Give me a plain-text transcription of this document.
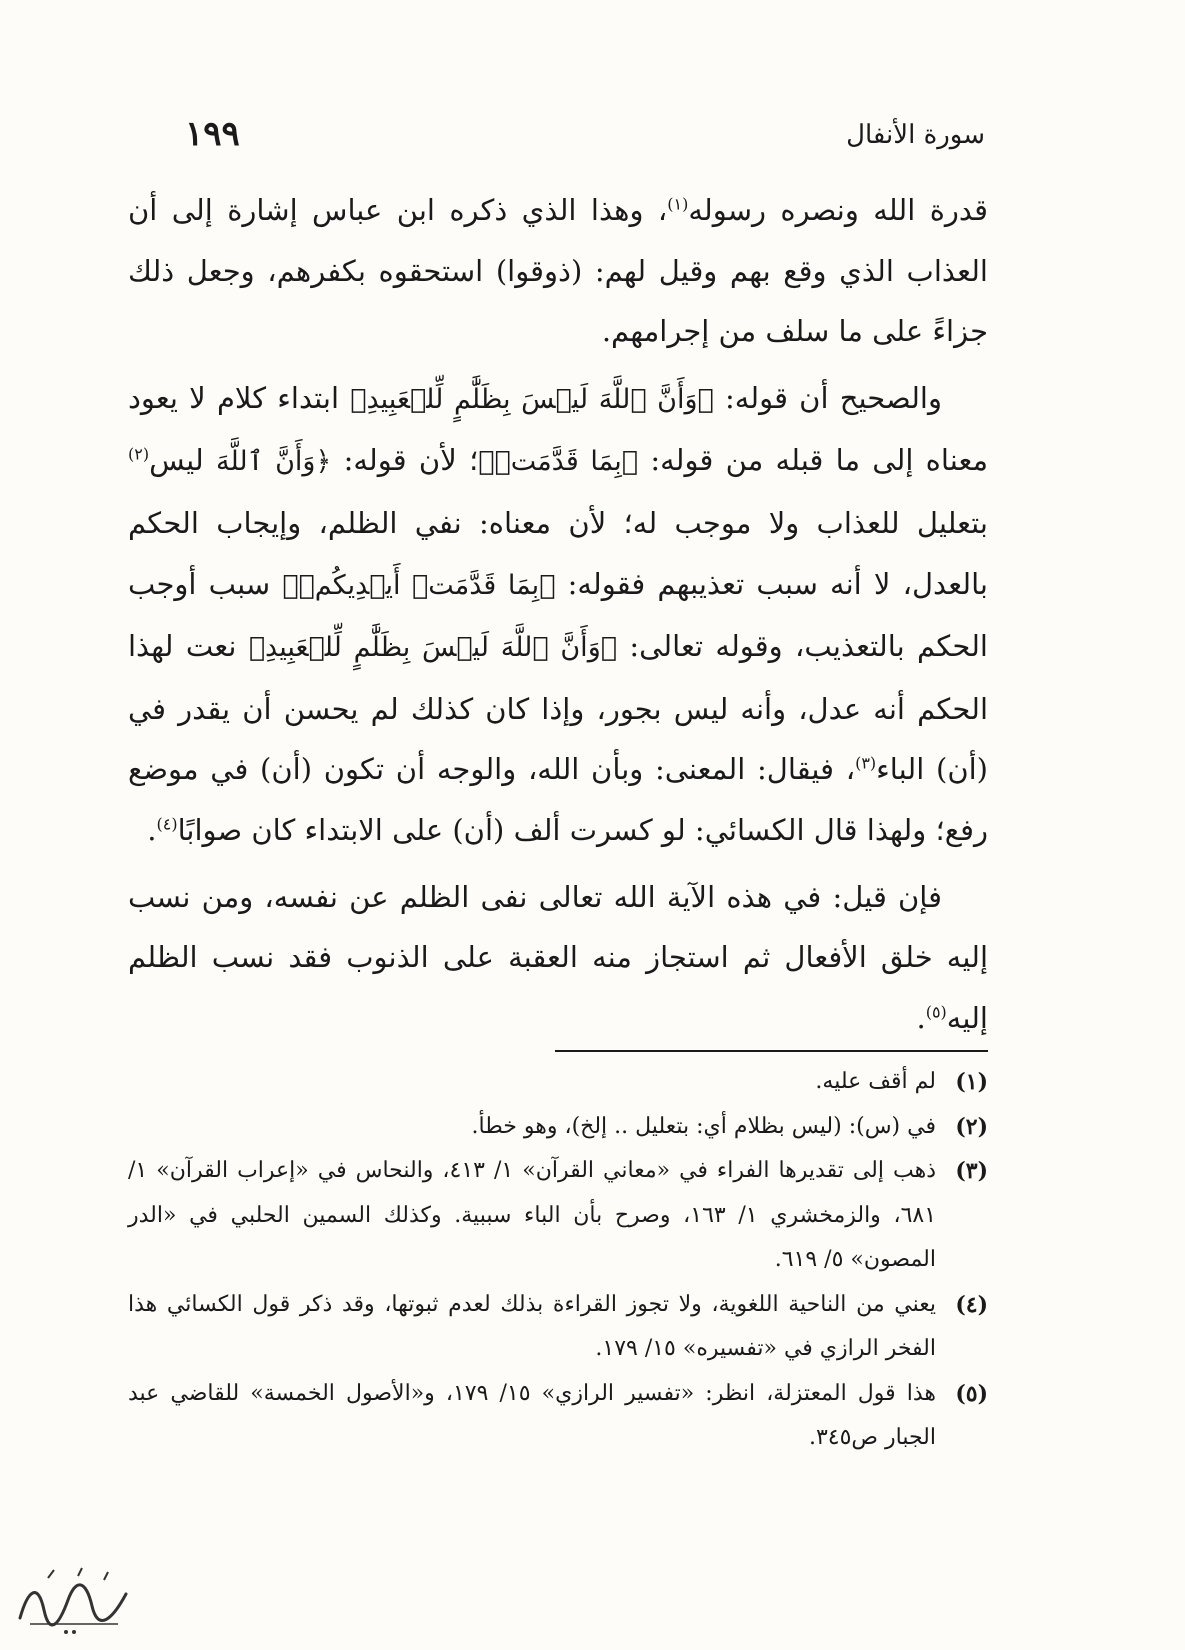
١٩٩	سورة الأنفال

قدرة الله ونصره رسوله$^{(١)}$، وهذا الذي ذكره ابن عباس إشارة إلى أن العذاب الذي وقع بهم وقيل لهم: (ذوقوا) استحقوه بكفرهم، وجعل ذلك جزاءً على ما سلف من إجرامهم.

والصحيح أن قوله: ﴿وَأَنَّ ٱللَّهَ لَيۡسَ بِظَلَّٰمٍ لِّلۡعَبِيدِ﴾ ابتداء كلام لا يعود معناه إلى ما قبله من قوله: ﴿بِمَا قَدَّمَتۡ﴾؛ لأن قوله: ﴿وَأَنَّ ٱللَّهَ ليس$^{(٢)}$ بتعليل للعذاب ولا موجب له؛ لأن معناه: نفي الظلم، وإيجاب الحكم بالعدل، لا أنه سبب تعذيبهم فقوله: ﴿بِمَا قَدَّمَتۡ أَيۡدِيكُمۡ﴾ سبب أوجب الحكم بالتعذيب، وقوله تعالى: ﴿وَأَنَّ ٱللَّهَ لَيۡسَ بِظَلَّٰمٍ لِّلۡعَبِيدِ﴾ نعت لهذا الحكم أنه عدل، وأنه ليس بجور، وإذا كان كذلك لم يحسن أن يقدر في (أن) الباء$^{(٣)}$، فيقال: المعنى: وبأن الله، والوجه أن تكون (أن) في موضع رفع؛ ولهذا قال الكسائي: لو كسرت ألف (أن) على الابتداء كان صوابًا$^{(٤)}$.

فإن قيل: في هذه الآية الله تعالى نفى الظلم عن نفسه، ومن نسب إليه خلق الأفعال ثم استجاز منه العقبة على الذنوب فقد نسب الظلم إليه$^{(٥)}$.

(١)
لم أقف عليه.
(٢)
في (س): (ليس بظلام أي: بتعليل .. إلخ)، وهو خطأ.
(٣)
ذهب إلى تقديرها الفراء في «معاني القرآن» ١/ ٤١٣، والنحاس في «إعراب القرآن» ١/ ٦٨١، والزمخشري ١/ ١٦٣، وصرح بأن الباء سببية. وكذلك السمين الحلبي في «الدر المصون» ٥/ ٦١٩.
(٤)
يعني من الناحية اللغوية، ولا تجوز القراءة بذلك لعدم ثبوتها، وقد ذكر قول الكسائي هذا الفخر الرازي في «تفسيره» ١٥/ ١٧٩.
(٥)
هذا قول المعتزلة، انظر: «تفسير الرازي» ١٥/ ١٧٩، و«الأصول الخمسة» للقاضي عبد الجبار ص٣٤٥.
